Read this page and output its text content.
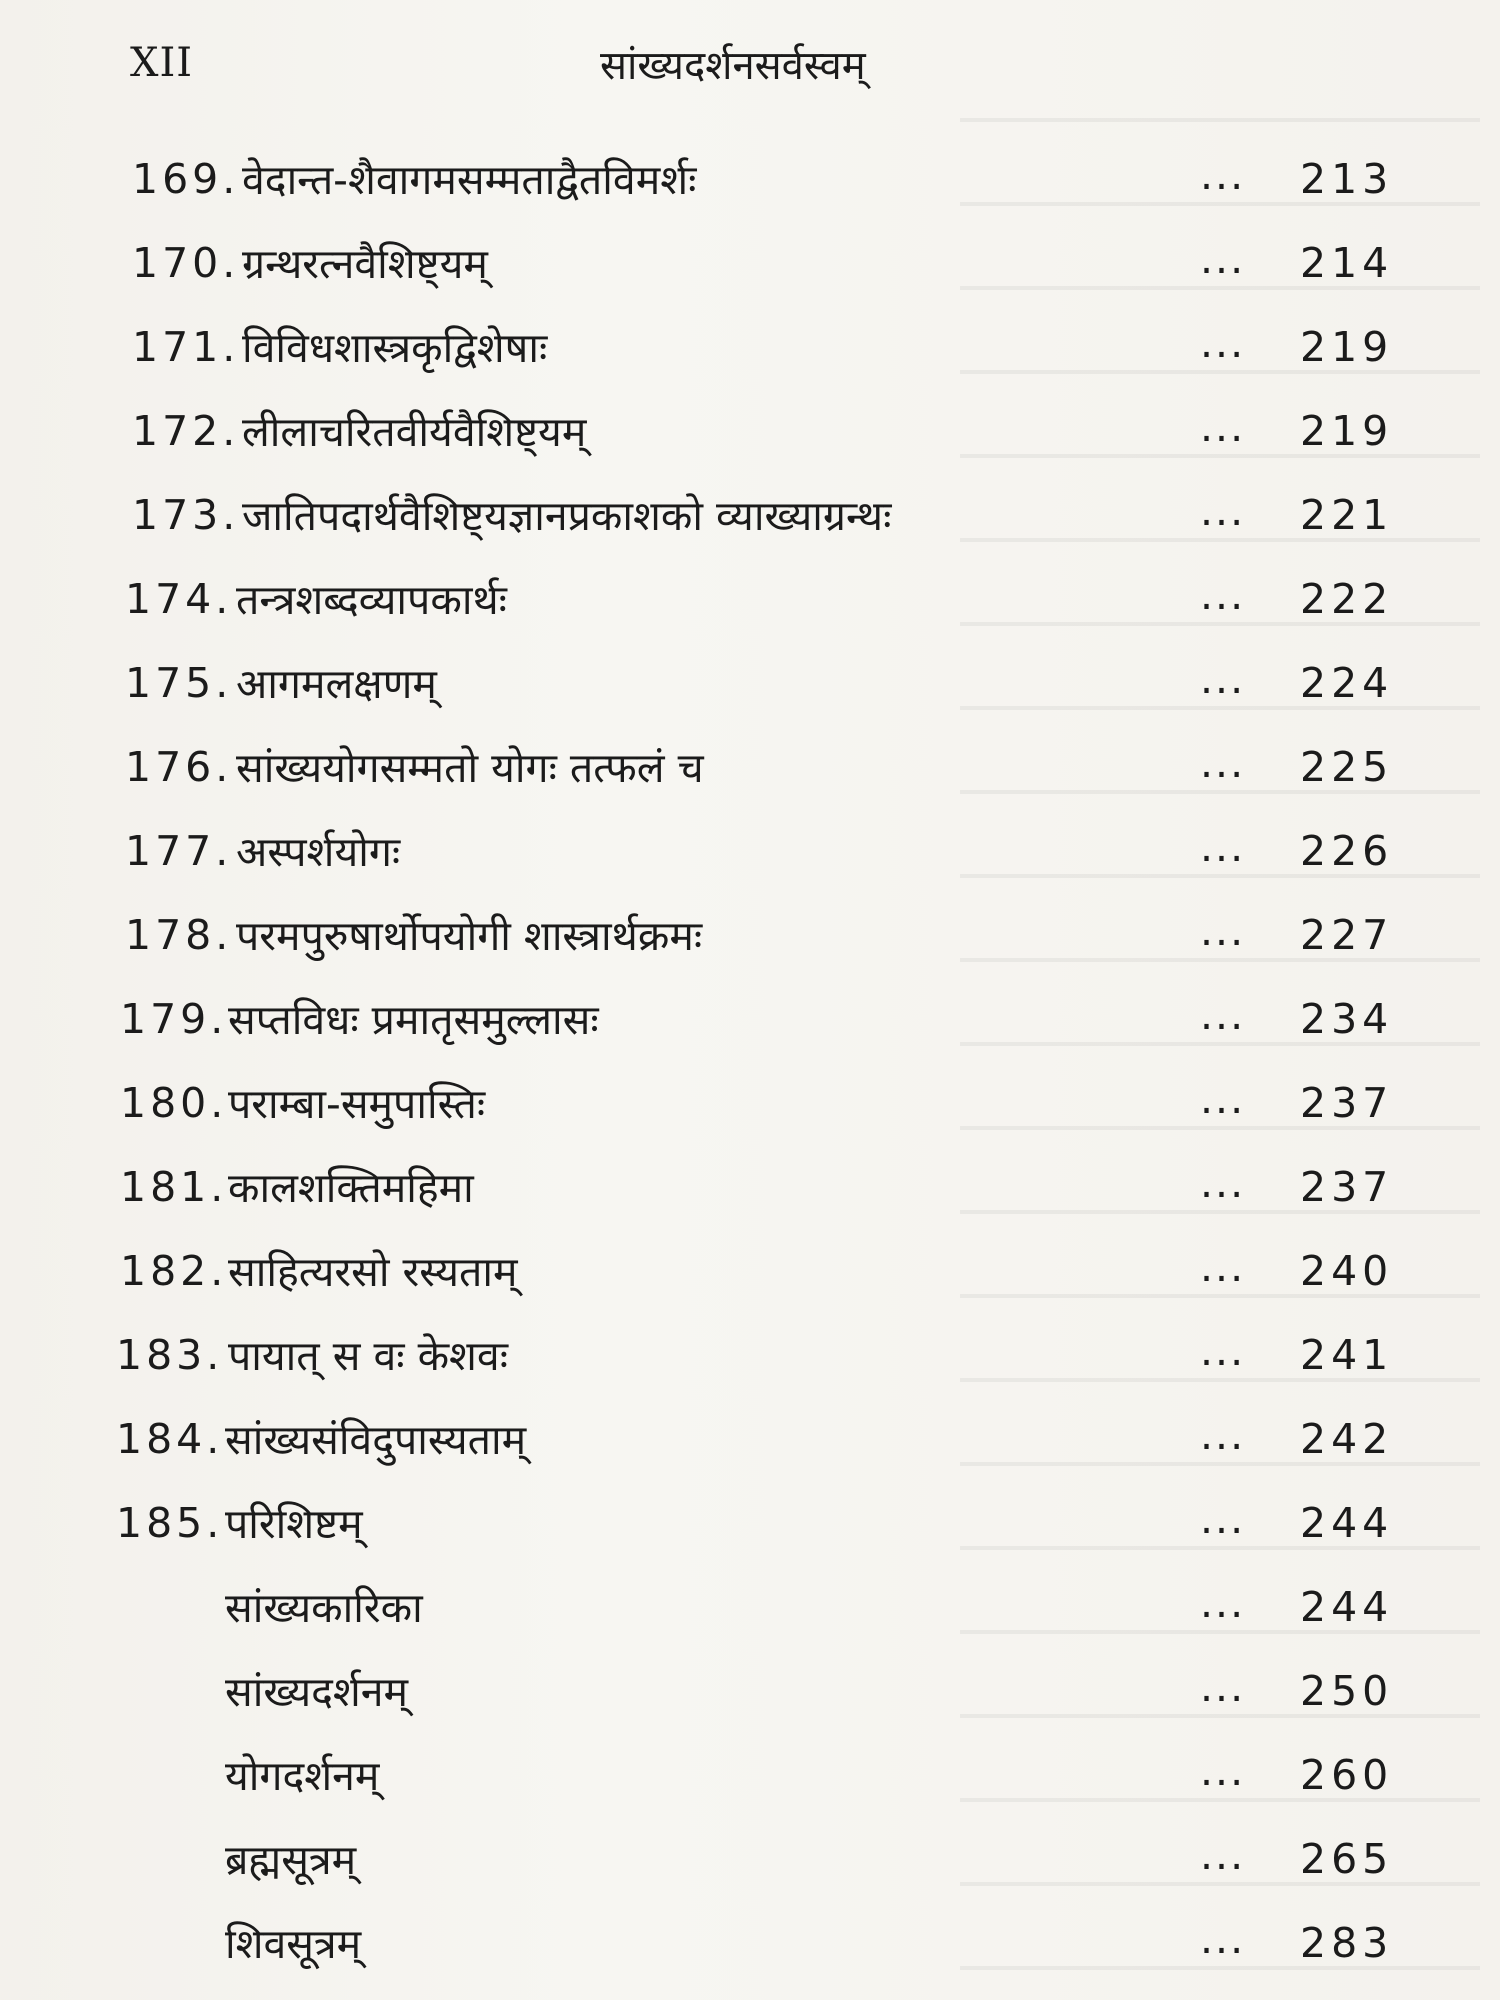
XII	सांख्यदर्शनसर्वस्वम्
169. वेदान्त-शैवागमसम्मताद्वैतविमर्शः	... 213
170. ग्रन्थरत्नवैशिष्ट्यम्	... 214
171. विविधशास्त्रकृद्विशेषाः	... 219
172. लीलाचरितवीर्यवैशिष्ट्यम्	... 219
173. जातिपदार्थवैशिष्ट्यज्ञानप्रकाशको व्याख्याग्रन्थः	... 221
174. तन्त्रशब्दव्यापकार्थः	... 222
175. आगमलक्षणम्	... 224
176. सांख्ययोगसम्मतो योगः तत्फलं च	... 225
177. अस्पर्शयोगः	... 226
178. परमपुरुषार्थोपयोगी शास्त्रार्थक्रमः	... 227
179. सप्तविधः प्रमातृसमुल्लासः	... 234
180. पराम्बा-समुपास्तिः	... 237
181. कालशक्तिमहिमा	... 237
182. साहित्यरसो रस्यताम्	... 240
183. पायात् स वः केशवः	... 241
184. सांख्यसंविदुपास्यताम्	... 242
185. परिशिष्टम्	... 244
सांख्यकारिका	... 244
सांख्यदर्शनम्	... 250
योगदर्शनम्	... 260
ब्रह्मसूत्रम्	... 265
शिवसूत्रम्	... 283
